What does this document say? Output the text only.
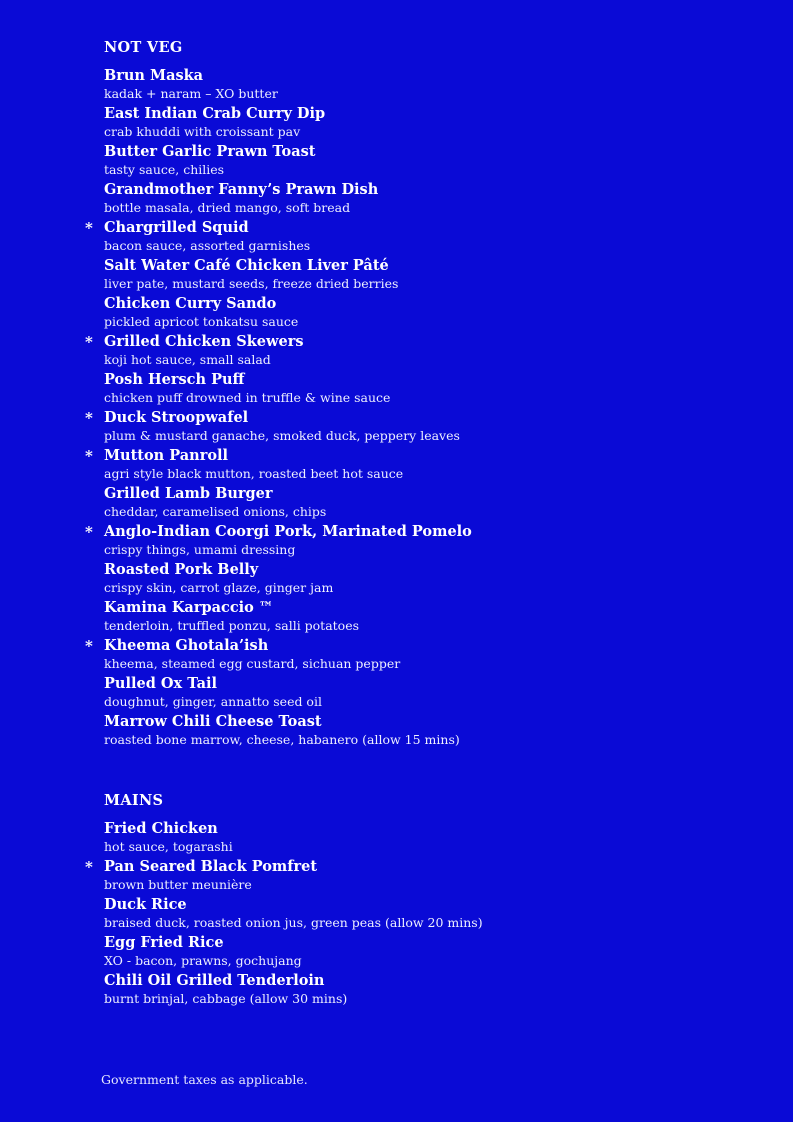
NOT VEG
Brun Maska
kadak + naram – XO butter
East Indian Crab Curry Dip
crab khuddi with croissant pav
Butter Garlic Prawn Toast
tasty sauce, chilies
Grandmother Fanny’s Prawn Dish
bottle masala, dried mango, soft bread
* Chargrilled Squid
bacon sauce, assorted garnishes
Salt Water Café Chicken Liver Pâté
liver pate, mustard seeds, freeze dried berries
Chicken Curry Sando
pickled apricot tonkatsu sauce
* Grilled Chicken Skewers
koji hot sauce, small salad
Posh Hersch Puff
chicken puff drowned in truffle & wine sauce
* Duck Stroopwafel
plum & mustard ganache, smoked duck, peppery leaves
* Mutton Panroll
agri style black mutton, roasted beet hot sauce
Grilled Lamb Burger
cheddar, caramelised onions, chips
* Anglo-Indian Coorgi Pork, Marinated Pomelo
crispy things, umami dressing
Roasted Pork Belly
crispy skin, carrot glaze, ginger jam
Kamina Karpaccio ™
tenderloin, truffled ponzu, salli potatoes
* Kheema Ghotala’ish
kheema, steamed egg custard, sichuan pepper
Pulled Ox Tail
doughnut, ginger, annatto seed oil
Marrow Chili Cheese Toast
roasted bone marrow, cheese, habanero (allow 15 mins)
MAINS
Fried Chicken
hot sauce, togarashi
* Pan Seared Black Pomfret
brown butter meunière
Duck Rice
braised duck, roasted onion jus, green peas (allow 20 mins)
Egg Fried Rice
XO - bacon, prawns, gochujang
Chili Oil Grilled Tenderloin
burnt brinjal, cabbage (allow 30 mins)
Government taxes as applicable.
